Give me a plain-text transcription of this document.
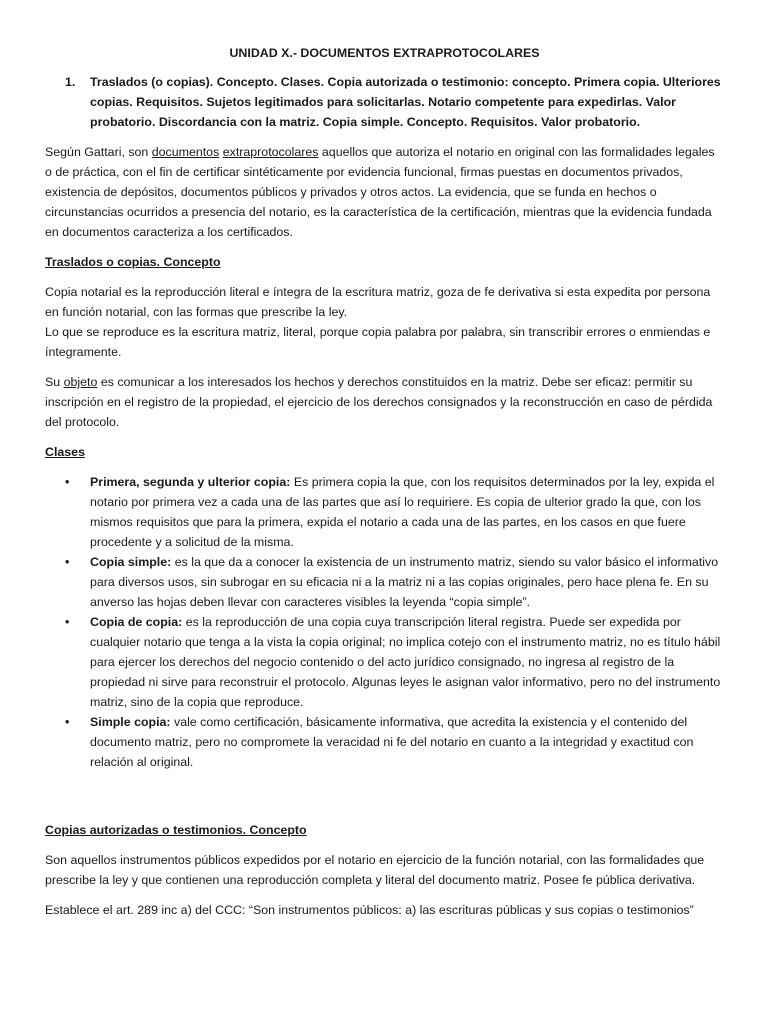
UNIDAD X.- DOCUMENTOS EXTRAPROTOCOLARES
1.	Traslados (o copias). Concepto. Clases. Copia autorizada o testimonio: concepto. Primera copia. Ulteriores copias. Requisitos. Sujetos legitimados para solicitarlas. Notario competente para expedirlas. Valor probatorio. Discordancia con la matriz. Copia simple. Concepto. Requisitos. Valor probatorio.

Según Gattari, son documentos extraprotocolares aquellos que autoriza el notario en original con las formalidades legales o de práctica, con el fin de certificar sintéticamente por evidencia funcional, firmas puestas en documentos privados, existencia de depósitos, documentos públicos y privados y otros actos. La evidencia, que se funda en hechos o circunstancias ocurridos a presencia del notario, es la característica de la certificación, mientras que la evidencia fundada en documentos caracteriza a los certificados.

Traslados o copias. Concepto

Copia notarial es la reproducción literal e íntegra de la escritura matriz, goza de fe derivativa si esta expedita por persona en función notarial, con las formas que prescribe la ley.
Lo que se reproduce es la escritura matriz, literal, porque copia palabra por palabra, sin transcribir errores o enmiendas e íntegramente.

Su objeto es comunicar a los interesados los hechos y derechos constituidos en la matriz. Debe ser eficaz: permitir su inscripción en el registro de la propiedad, el ejercicio de los derechos consignados y la reconstrucción en caso de pérdida del protocolo.

Clases
•	Primera, segunda y ulterior copia: Es primera copia la que, con los requisitos determinados por la ley, expida el notario por primera vez a cada una de las partes que así lo requiriere. Es copia de ulterior grado la que, con los mismos requisitos que para la primera, expida el notario a cada una de las partes, en los casos en que fuere procedente y a solicitud de la misma.
•	Copia simple: es la que da a conocer la existencia de un instrumento matriz, siendo su valor básico el informativo para diversos usos, sin subrogar en su eficacia ni a la matriz ni a las copias originales, pero hace plena fe. En su anverso las hojas deben llevar con caracteres visibles la leyenda “copia simple”.
•	Copia de copia: es la reproducción de una copia cuya transcripción literal registra. Puede ser expedida por cualquier notario que tenga a la vista la copia original; no implica cotejo con el instrumento matriz, no es título hábil para ejercer los derechos del negocio contenido o del acto jurídico consignado, no ingresa al registro de la propiedad ni sirve para reconstruir el protocolo. Algunas leyes le asignan valor informativo, pero no del instrumento matriz, sino de la copia que reproduce.
•	Simple copia: vale como certificación, básicamente informativa, que acredita la existencia y el contenido del documento matriz, pero no compromete la veracidad ni fe del notario en cuanto a la integridad y exactitud con relación al original.
Copias autorizadas o testimonios. Concepto

Son aquellos instrumentos públicos expedidos por el notario en ejercicio de la función notarial, con las formalidades que prescribe la ley y que contienen una reproducción completa y literal del documento matriz. Posee fe pública derivativa.

Establece el art. 289 inc a) del CCC: “Son instrumentos públicos: a) las escrituras públicas y sus copias o testimonios”
